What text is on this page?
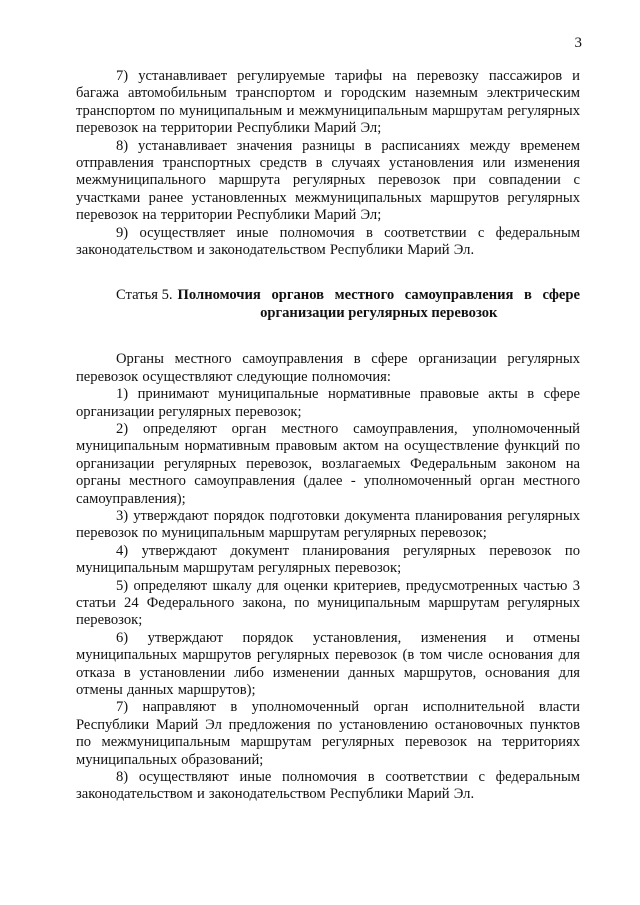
3

7) устанавливает регулируемые тарифы на перевозку пассажиров и багажа автомобильным транспортом и городским наземным электрическим транспортом по муниципальным и межмуниципальным маршрутам регулярных перевозок на территории Республики Марий Эл;

8) устанавливает значения разницы в расписаниях между временем отправления транспортных средств в случаях установления или изменения межмуниципального маршрута регулярных перевозок при совпадении с участками ранее установленных межмуниципальных маршрутов регулярных перевозок на территории Республики Марий Эл;

9) осуществляет иные полномочия в соответствии с федеральным законодательством и законодательством Республики Марий Эл.

Статья 5. Полномочия органов местного самоуправления в сфере организации регулярных перевозок

Органы местного самоуправления в сфере организации регулярных перевозок осуществляют следующие полномочия:

1) принимают муниципальные нормативные правовые акты в сфере организации регулярных перевозок;

2) определяют орган местного самоуправления, уполномоченный муниципальным нормативным правовым актом на осуществление функций по организации регулярных перевозок, возлагаемых Федеральным законом на органы местного самоуправления (далее - уполномоченный орган местного самоуправления);

3) утверждают порядок подготовки документа планирования регулярных перевозок по муниципальным маршрутам регулярных перевозок;

4) утверждают документ планирования регулярных перевозок по муниципальным маршрутам регулярных перевозок;

5) определяют шкалу для оценки критериев, предусмотренных частью 3 статьи 24 Федерального закона, по муниципальным маршрутам регулярных перевозок;

6) утверждают порядок установления, изменения и отмены муниципальных маршрутов регулярных перевозок (в том числе основания для отказа в установлении либо изменении данных маршрутов, основания для отмены данных маршрутов);

7) направляют в уполномоченный орган исполнительной власти Республики Марий Эл предложения по установлению остановочных пунктов по межмуниципальным маршрутам регулярных перевозок на территориях муниципальных образований;

8) осуществляют иные полномочия в соответствии с федеральным законодательством и законодательством Республики Марий Эл.
